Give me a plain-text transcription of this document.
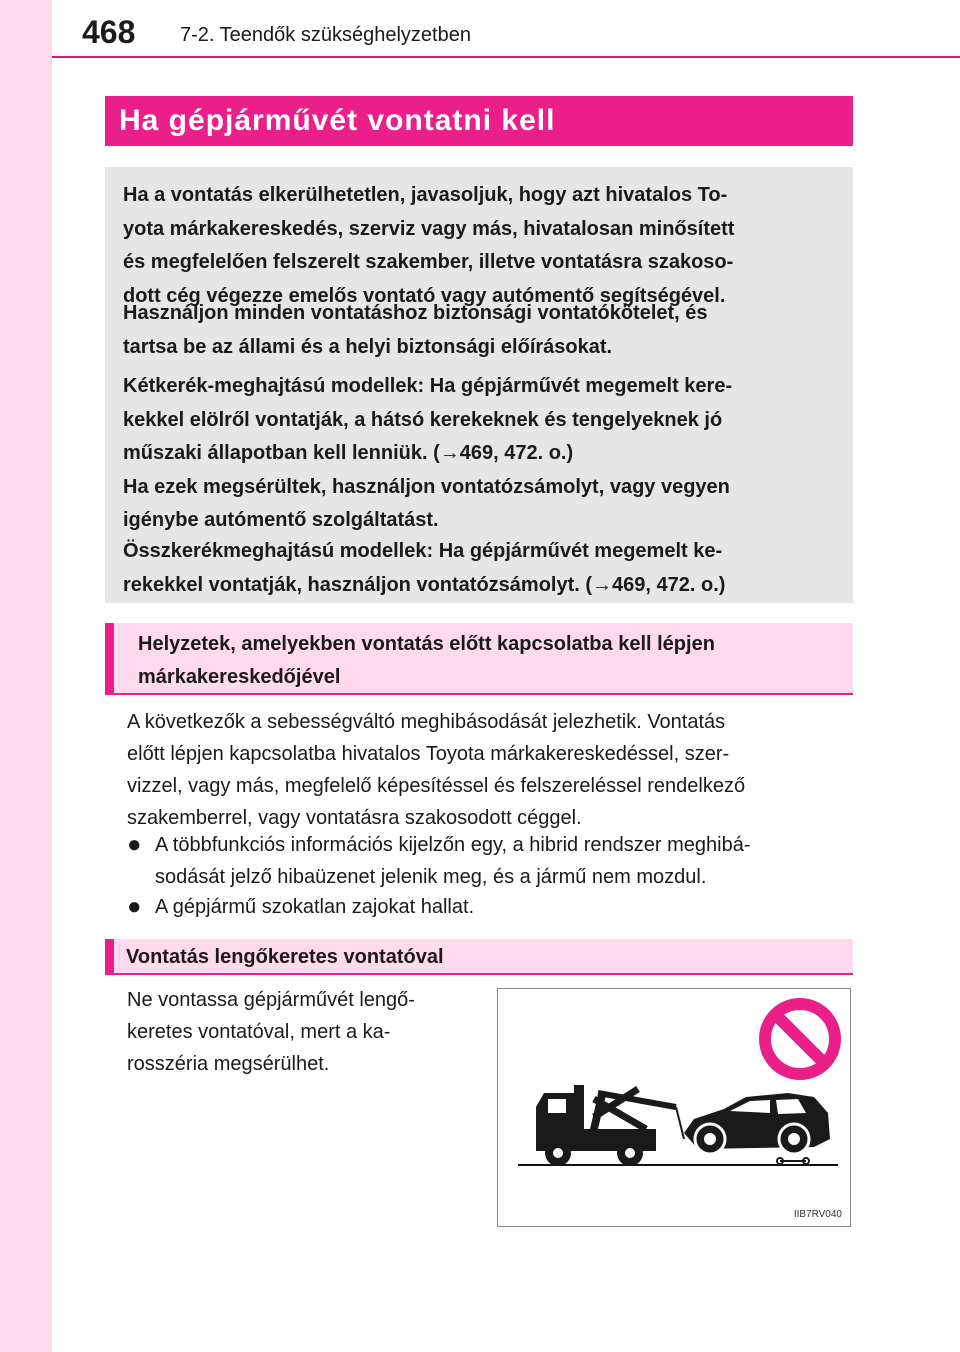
468 7-2. Teendők szükséghelyzetben
Ha gépjárművét vontatni kell

Ha a vontatás elkerülhetetlen, javasoljuk, hogy azt hivatalos To-
yota márkakereskedés, szerviz vagy más, hivatalosan minősített
és megfelelően felszerelt szakember, illetve vontatásra szakoso-
dott cég végezze emelős vontató vagy autómentő segítségével.

Használjon minden vontatáshoz biztonsági vontatókötelet, és
tartsa be az állami és a helyi biztonsági előírásokat.

Kétkerék-meghajtású modellek: Ha gépjárművét megemelt kere-
kekkel elölről vontatják, a hátsó kerekeknek és tengelyeknek jó
műszaki állapotban kell lenniük. (→469, 472. o.)
Ha ezek megsérültek, használjon vontatózsámolyt, vagy vegyen
igénybe autómentő szolgáltatást.

Összkerékmeghajtású modellek: Ha gépjárművét megemelt ke-
rekekkel vontatják, használjon vontatózsámolyt. (→469, 472. o.)

Helyzetek, amelyekben vontatás előtt kapcsolatba kell lépjen

márkakereskedőjével

A következők a sebességváltó meghibásodását jelezhetik. Vontatás
előtt lépjen kapcsolatba hivatalos Toyota márkakereskedéssel, szer-
vizzel, vagy más, megfelelő képesítéssel és felszereléssel rendelkező
szakemberrel, vagy vontatásra szakosodott céggel.

● A többfunkciós információs kijelzőn egy, a hibrid rendszer meghibá-
sodását jelző hibaüzenet jelenik meg, és a jármű nem mozdul.
● A gépjármű szokatlan zajokat hallat.
Vontatás lengőkeretes vontatóval

Ne vontassa gépjárművét lengő-
keretes vontatóval, mert a ka-
rosszéria megsérülhet.

IIB7RV040
